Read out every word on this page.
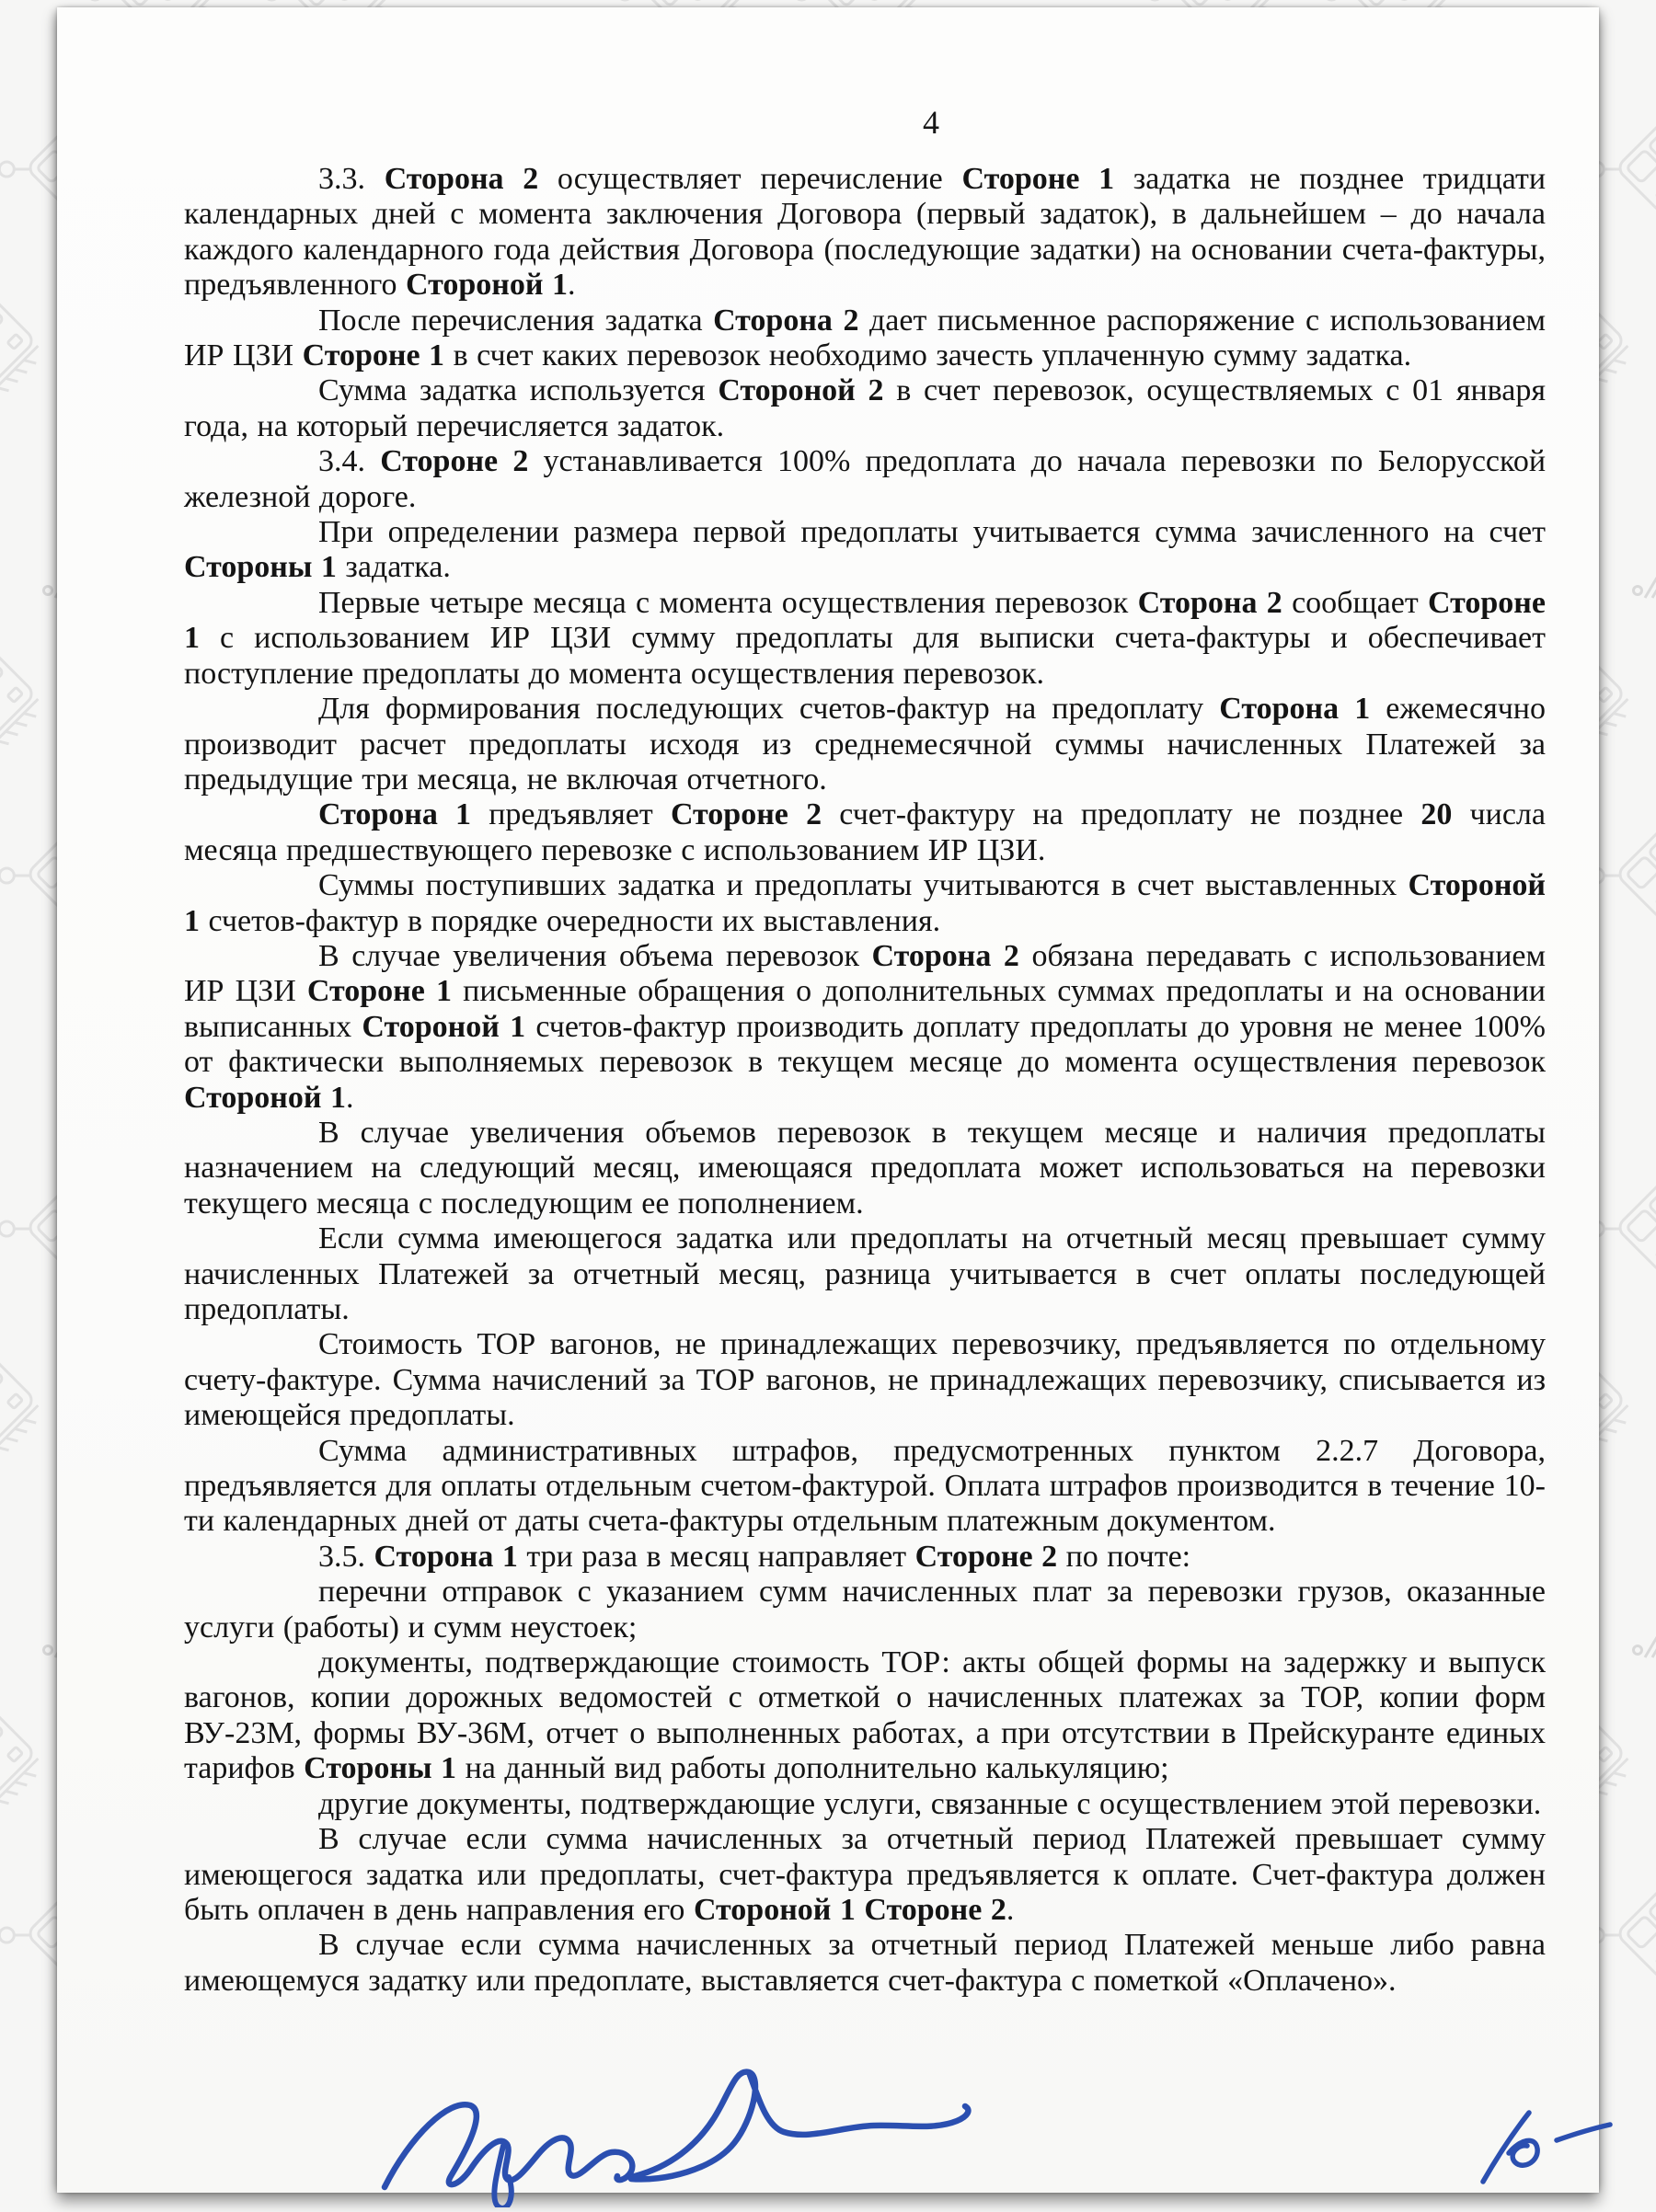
4

3.3. Сторона 2 осуществляет перечисление Стороне 1 задатка не позднее тридцати календарных дней с момента заключения Договора (первый задаток), в дальнейшем – до начала каждого календарного года действия Договора (последующие задатки) на основании счета-фактуры, предъявленного Стороной 1.

После перечисления задатка Сторона 2 дает письменное распоряжение с использованием ИР ЦЗИ Стороне 1 в счет каких перевозок необходимо зачесть уплаченную сумму задатка.

Сумма задатка используется Стороной 2 в счет перевозок, осуществляемых с 01 января года, на который перечисляется задаток.

3.4. Стороне 2 устанавливается 100% предоплата до начала перевозки по Белорусской железной дороге.

При определении размера первой предоплаты учитывается сумма зачисленного на счет Стороны 1 задатка.

Первые четыре месяца с момента осуществления перевозок Сторона 2 сообщает Стороне 1 с использованием ИР ЦЗИ сумму предоплаты для выписки счета-фактуры и обеспечивает поступление предоплаты до момента осуществления перевозок.

Для формирования последующих счетов-фактур на предоплату Сторона 1 ежемесячно производит расчет предоплаты исходя из среднемесячной суммы начисленных Платежей за предыдущие три месяца, не включая отчетного.

Сторона 1 предъявляет Стороне 2 счет-фактуру на предоплату не позднее 20 числа месяца предшествующего перевозке с использованием ИР ЦЗИ.

Суммы поступивших задатка и предоплаты учитываются в счет выставленных Стороной 1 счетов-фактур в порядке очередности их выставления.

В случае увеличения объема перевозок Сторона 2 обязана передавать с использованием ИР ЦЗИ Стороне 1 письменные обращения о дополнительных суммах предоплаты и на основании выписанных Стороной 1 счетов-фактур производить доплату предоплаты до уровня не менее 100% от фактически выполняемых перевозок в текущем месяце до момента осуществления перевозок Стороной 1.

В случае увеличения объемов перевозок в текущем месяце и наличия предоплаты назначением на следующий месяц, имеющаяся предоплата может использоваться на перевозки текущего месяца с последующим ее пополнением.

Если сумма имеющегося задатка или предоплаты на отчетный месяц превышает сумму начисленных Платежей за отчетный месяц, разница учитывается в счет оплаты последующей предоплаты.

Стоимость ТОР вагонов, не принадлежащих перевозчику, предъявляется по отдельному счету-фактуре. Сумма начислений за ТОР вагонов, не принадлежащих перевозчику, списывается из имеющейся предоплаты.

Сумма административных штрафов, предусмотренных пунктом 2.2.7 Договора, предъявляется для оплаты отдельным счетом-фактурой. Оплата штрафов производится в течение 10-ти календарных дней от даты счета-фактуры отдельным платежным документом.

3.5. Сторона 1 три раза в месяц направляет Стороне 2 по почте:

перечни отправок с указанием сумм начисленных плат за перевозки грузов, оказанные услуги (работы) и сумм неустоек;

документы, подтверждающие стоимость ТОР: акты общей формы на задержку и выпуск вагонов, копии дорожных ведомостей с отметкой о начисленных платежах за ТОР, копии форм ВУ-23М, формы ВУ-36М, отчет о выполненных работах, а при отсутствии в Прейскуранте единых тарифов Стороны 1 на данный вид работы дополнительно калькуляцию;

другие документы, подтверждающие услуги, связанные с осуществлением этой перевозки.

В случае если сумма начисленных за отчетный период Платежей превышает сумму имеющегося задатка или предоплаты, счет-фактура предъявляется к оплате. Счет-фактура должен быть оплачен в день направления его Стороной 1 Стороне 2.

В случае если сумма начисленных за отчетный период Платежей меньше либо равна имеющемуся задатку или предоплате, выставляется счет-фактура с пометкой «Оплачено».
